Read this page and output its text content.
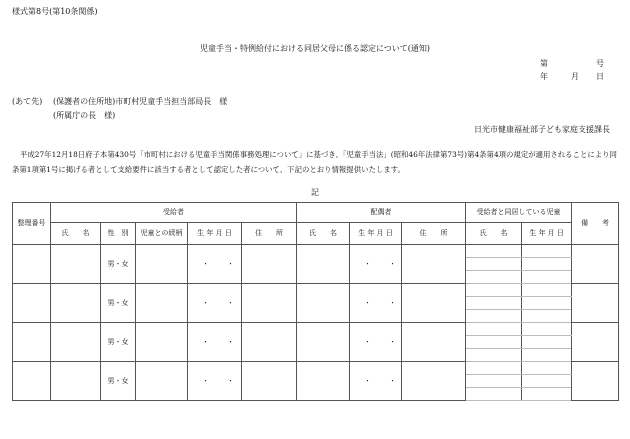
様式第8号(第10条関係)
児童手当・特例給付における同居父母に係る認定について(通知)
第	号
年	月 日
(あて先) (保護者の住所地)市町村児童手当担当部局長　様
(所属庁の長　様)
日光市健康福祉部子ども家庭支援課長
平成27年12月18日府子本第430号「市町村における児童手当関係事務処理について」に基づき、「児童手当法」(昭和46年法律第73号)第4条第4項の規定が適用されることにより同条第1項第1号に掲げる者として支給要件に該当する者として認定した者について、下記のとおり情報提供いたします。
記
整理番号	受給者					配偶者			受給者と同居している児童		備　　考
	氏　　名	性　別	児童との続柄	生 年 月 日	住　　所	氏　　名	生 年 月 日	住　　所	氏　　名	生 年 月 日	
		男・女		・・			・・				

		男・女		・・			・・				

		男・女		・・			・・				

		男・女		・・			・・				
